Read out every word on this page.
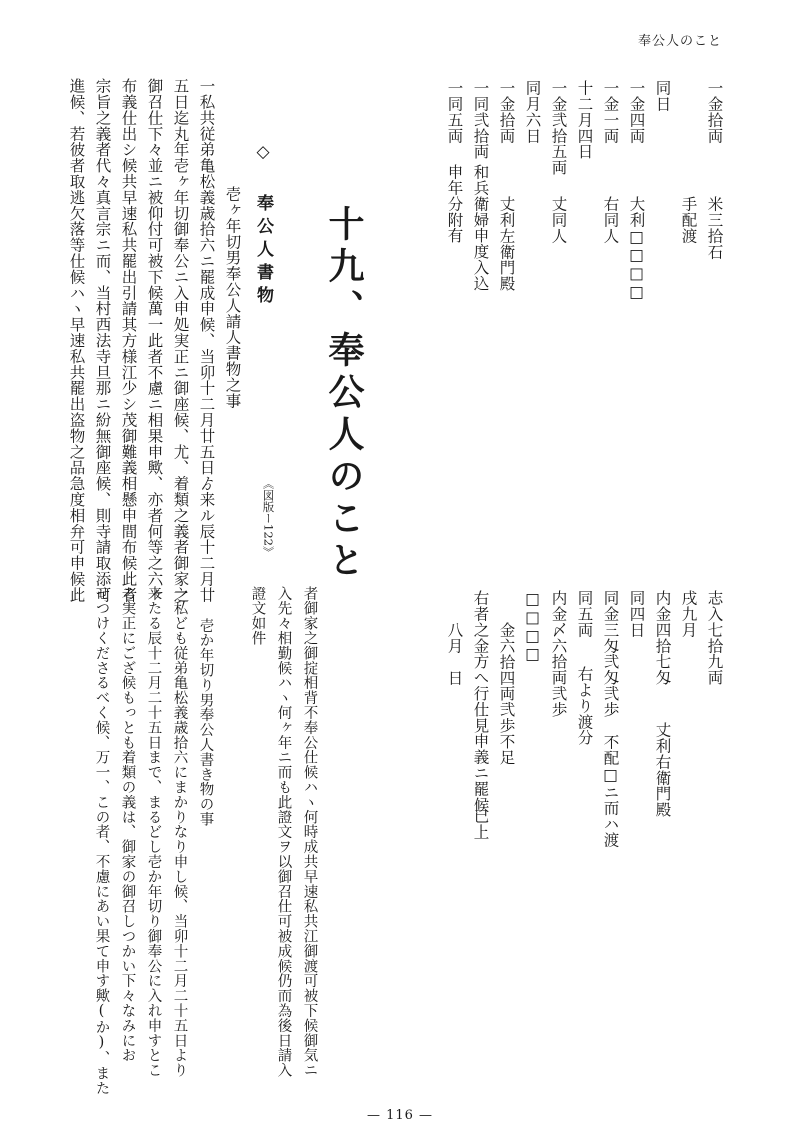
奉公人のこと
一金拾両
同日
一金四両
一金一両
十二月四日
一金弐拾五両
同月六日
一金拾両
一同弐拾両
一同五両
米三拾石
手配渡
大利□□□□
右同人
丈同人
丈利左衛門殿
和兵衛婦申度入込
申年分附有
十九、奉公人のこと
◇ 奉公人書物
《図版ー122》
壱ヶ年切男奉公人請人書物之事
一私共従弟亀松義歳拾六ニ罷成申候、当卯十二月廿五日ゟ来ル辰十二月廿
五日迄丸年壱ヶ年切御奉公ニ入申処実正ニ御座候、尤、着類之義者御家之
御召仕下々並ニ被仰付可被下候萬一此者不慮ニ相果申歟、亦者何等之六ヶ
布義仕出シ候共早速私共罷出引請其方様江少シ茂御難義相懸申間布候此者
宗旨之義者代々真言宗ニ而、当村西法寺旦那ニ紛無御座候、則寺請取添可
進候、若彼者取逃欠落等仕候ハヽ早速私共罷出盗物之品急度相弁可申候此
志入七拾九両
戌九月
内金四拾七匁
丈利右衛門殿
同四日
同金三匁弐匁弐歩
不配□ニ而ハ渡
同五両
右より渡分
内金〆六拾両弐歩
□□□□
金六拾四両弐歩不足
右者之金方へ行仕見申義ニ罷候
已上
八月　日
者御家之御掟相背不奉公仕候ハヽ何時成共早速私共江御渡可被下候御気ニ
入先々相勤候ハヽ何ヶ年ニ而も此證文ヲ以御召仕可被成候仍而為後日請入
證文如件
壱か年切り男奉公人書き物の事
一私ども従弟亀松義歳拾六にまかりなり申し候、当卯十二月二十五日より
来たる辰十二月二十五日まで、まるどし壱か年切り御奉公に入れ申すとこ
ろ実正にござ候もっとも着類の義は、御家の御召しつかい下々なみにお
せつけくださるべく候、万一、この者、不慮にあい果て申す歟(か)、また
— 116 —
